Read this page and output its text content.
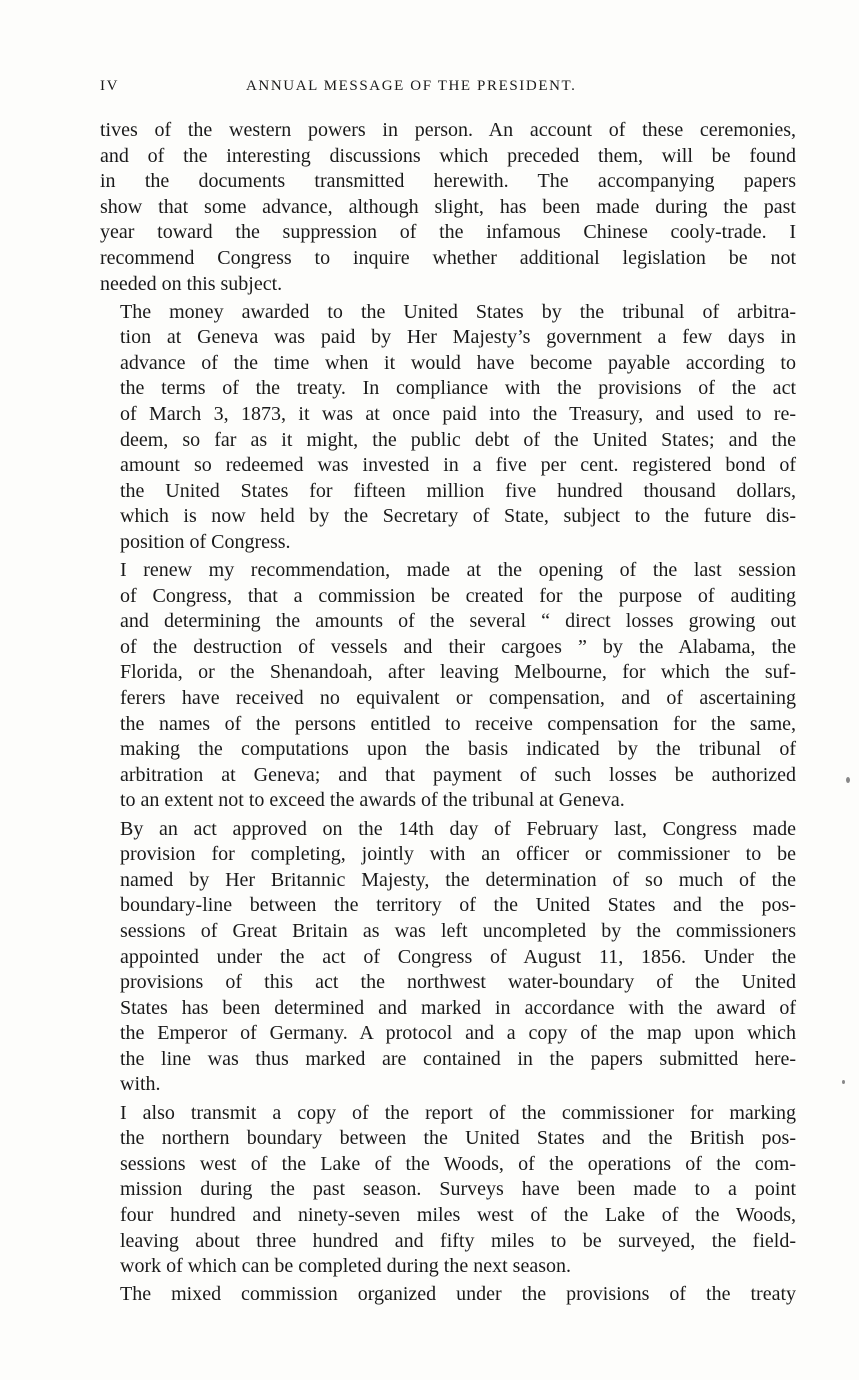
IV	ANNUAL MESSAGE OF THE PRESIDENT.
tives of the western powers in person. An account of these ceremonies,
and of the interesting discussions which preceded them, will be found
in the documents transmitted herewith. The accompanying papers
show that some advance, although slight, has been made during the past
year toward the suppression of the infamous Chinese cooly-trade. I
recommend Congress to inquire whether additional legislation be not
needed on this subject.
The money awarded to the United States by the tribunal of arbitra-
tion at Geneva was paid by Her Majesty’s government a few days in
advance of the time when it would have become payable according to
the terms of the treaty. In compliance with the provisions of the act
of March 3, 1873, it was at once paid into the Treasury, and used to re-
deem, so far as it might, the public debt of the United States; and the
amount so redeemed was invested in a five per cent. registered bond of
the United States for fifteen million five hundred thousand dollars,
which is now held by the Secretary of State, subject to the future dis-
position of Congress.
I renew my recommendation, made at the opening of the last session
of Congress, that a commission be created for the purpose of auditing
and determining the amounts of the several “ direct losses growing out
of the destruction of vessels and their cargoes ” by the Alabama, the
Florida, or the Shenandoah, after leaving Melbourne, for which the suf-
ferers have received no equivalent or compensation, and of ascertaining
the names of the persons entitled to receive compensation for the same,
making the computations upon the basis indicated by the tribunal of
arbitration at Geneva; and that payment of such losses be authorized
to an extent not to exceed the awards of the tribunal at Geneva.
By an act approved on the 14th day of February last, Congress made
provision for completing, jointly with an officer or commissioner to be
named by Her Britannic Majesty, the determination of so much of the
boundary-line between the territory of the United States and the pos-
sessions of Great Britain as was left uncompleted by the commissioners
appointed under the act of Congress of August 11, 1856. Under the
provisions of this act the northwest water-boundary of the United
States has been determined and marked in accordance with the award of
the Emperor of Germany. A protocol and a copy of the map upon which
the line was thus marked are contained in the papers submitted here-
with.
I also transmit a copy of the report of the commissioner for marking
the northern boundary between the United States and the British pos-
sessions west of the Lake of the Woods, of the operations of the com-
mission during the past season. Surveys have been made to a point
four hundred and ninety-seven miles west of the Lake of the Woods,
leaving about three hundred and fifty miles to be surveyed, the field-
work of which can be completed during the next season.
The mixed commission organized under the provisions of the treaty
